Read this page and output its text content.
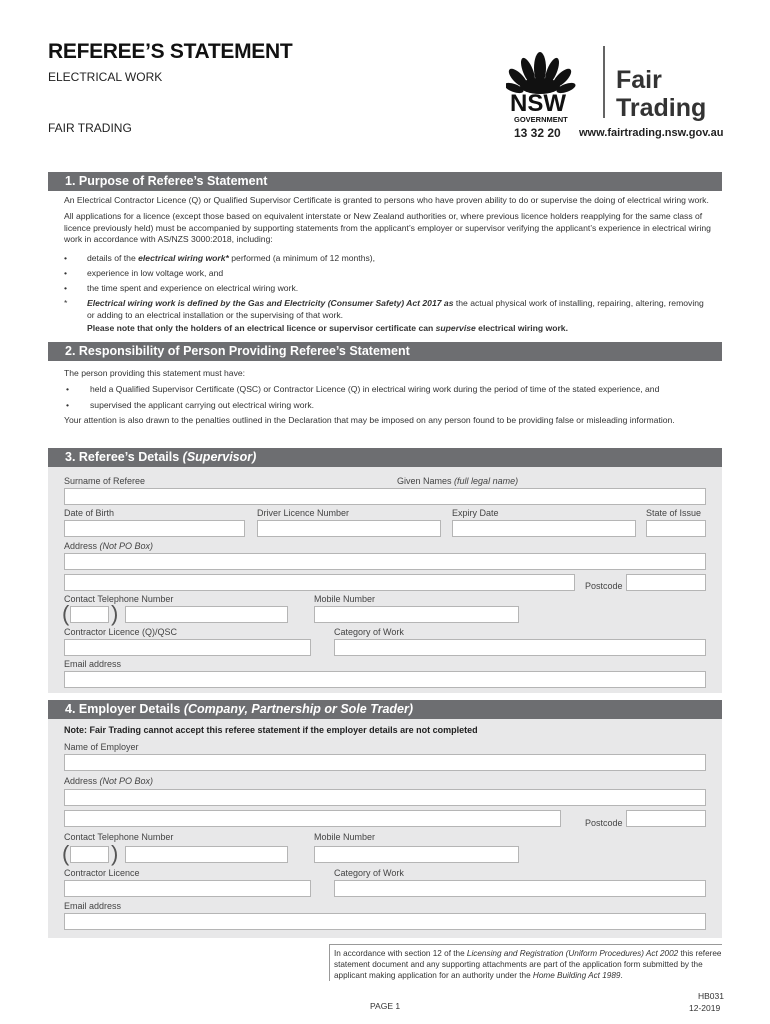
REFEREE’S STATEMENT
ELECTRICAL WORK
FAIR TRADING
NSW
GOVERNMENT
Fair
Trading
13 32 20 www.fairtrading.nsw.gov.au
1. Purpose of Referee’s Statement
An Electrical Contractor Licence (Q) or Qualified Supervisor Certificate is granted to persons who have proven ability to do or supervise the doing of electrical wiring work.
All applications for a licence (except those based on equivalent interstate or New Zealand authorities or, where previous licence holders reapplying for the same class of licence previously held) must be accompanied by supporting statements from the applicant’s employer or supervisor verifying the applicant’s experience in electrical wiring work in accordance with AS/NZS 3000:2018, including:
•	details of the electrical wiring work* performed (a minimum of 12 months),
•	experience in low voltage work, and
•	the time spent and experience on electrical wiring work.
*	Electrical wiring work is defined by the Gas and Electricity (Consumer Safety) Act 2017 as the actual physical work of installing, repairing, altering, removing or adding to an electrical installation or the supervising of that work.
Please note that only the holders of an electrical licence or supervisor certificate can supervise electrical wiring work.
2. Responsibility of Person Providing Referee’s Statement
The person providing this statement must have:
•	held a Qualified Supervisor Certificate (QSC) or Contractor Licence (Q) in electrical wiring work during the period of time of the stated experience, and
•	supervised the applicant carrying out electrical wiring work.
Your attention is also drawn to the penalties outlined in the Declaration that may be imposed on any person found to be providing false or misleading information.
3. Referee’s Details (Supervisor)
Surname of Referee	Given Names (full legal name)
Date of Birth	Driver Licence Number	Expiry Date	State of Issue
Address (Not PO Box)
Postcode
Contact Telephone Number	Mobile Number
( )
Contractor Licence (Q)/QSC	Category of Work
Email address
4. Employer Details (Company, Partnership or Sole Trader)
Note: Fair Trading cannot accept this referee statement if the employer details are not completed
Name of Employer
Address (Not PO Box)
Postcode
Contact Telephone Number	Mobile Number
( )
Contractor Licence	Category of Work
Email address
In accordance with section 12 of the Licensing and Registration (Uniform Procedures) Act 2002 this referee statement document and any supporting attachments are part of the application form submitted by the applicant making application for an authority under the Home Building Act 1989.
PAGE 1
HB031
12-2019
